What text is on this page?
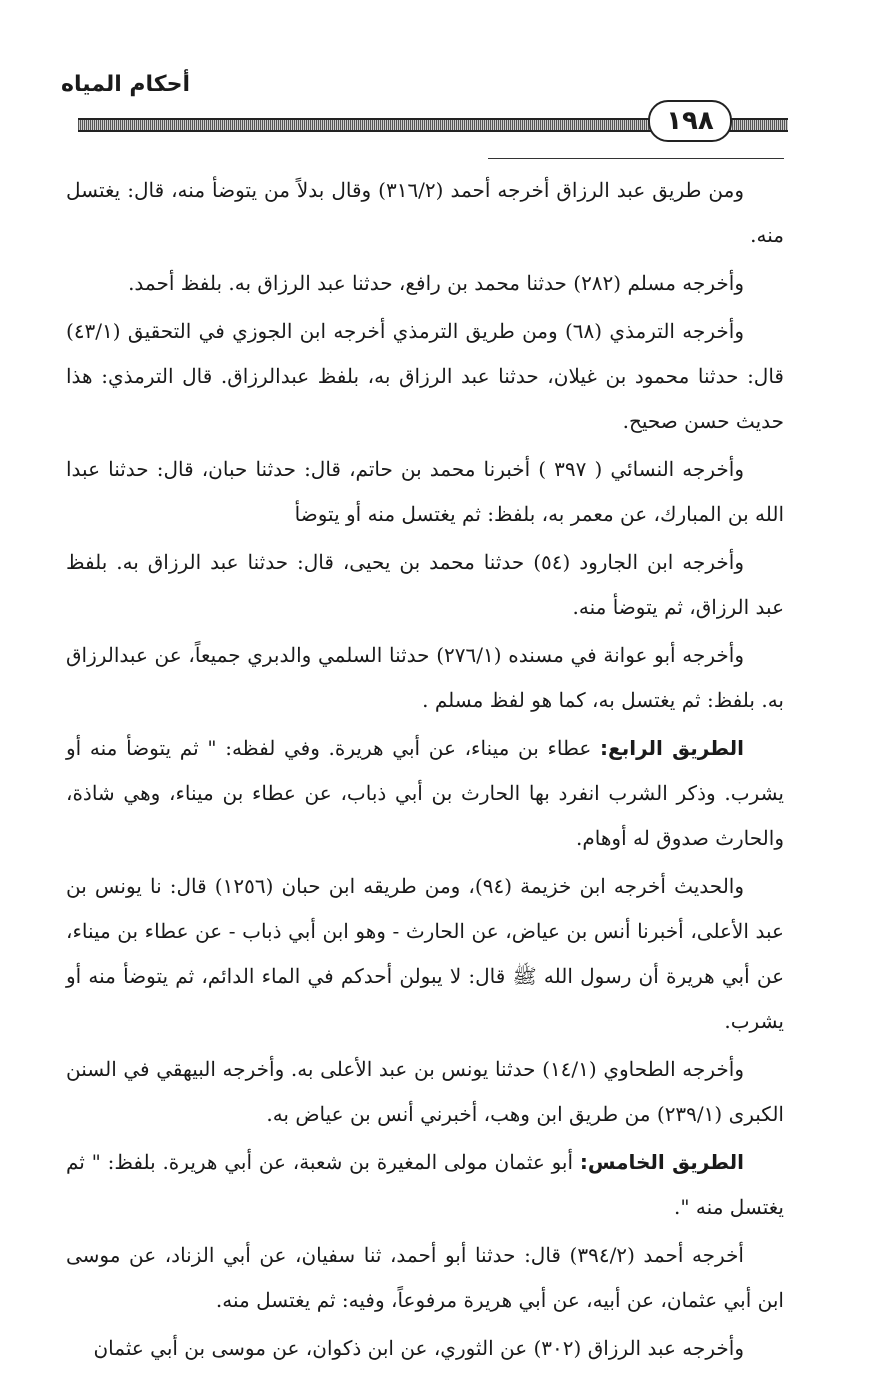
أحكام المياه
١٩٨

ومن طريق عبد الرزاق أخرجه أحمد (٣١٦/٢) وقال بدلاً من يتوضأ منه، قال: يغتسل منه.

وأخرجه مسلم (٢٨٢) حدثنا محمد بن رافع، حدثنا عبد الرزاق به. بلفظ أحمد.

وأخرجه الترمذي (٦٨) ومن طريق الترمذي أخرجه ابن الجوزي في التحقيق (٤٣/١) قال: حدثنا محمود بن غيلان، حدثنا عبد الرزاق به، بلفظ عبدالرزاق. قال الترمذي: هذا حديث حسن صحيح.

وأخرجه النسائي ( ٣٩٧ ) أخبرنا محمد بن حاتم، قال: حدثنا حبان، قال: حدثنا عبدا الله بن المبارك، عن معمر به، بلفظ: ثم يغتسل منه أو يتوضأ

وأخرجه ابن الجارود (٥٤) حدثنا محمد بن يحيى، قال: حدثنا عبد الرزاق به. بلفظ عبد الرزاق، ثم يتوضأ منه.

وأخرجه أبو عوانة في مسنده (٢٧٦/١) حدثنا السلمي والدبري جميعاً، عن عبدالرزاق به. بلفظ: ثم يغتسل به، كما هو لفظ مسلم .

الطريق الرابع: عطاء بن ميناء، عن أبي هريرة. وفي لفظه: " ثم يتوضأ منه أو يشرب. وذكر الشرب انفرد بها الحارث بن أبي ذباب، عن عطاء بن ميناء، وهي شاذة، والحارث صدوق له أوهام.

والحديث أخرجه ابن خزيمة (٩٤)، ومن طريقه ابن حبان (١٢٥٦) قال: نا يونس بن عبد الأعلى، أخبرنا أنس بن عياض، عن الحارث - وهو ابن أبي ذباب - عن عطاء بن ميناء، عن أبي هريرة أن رسول الله ﷺ قال: لا يبولن أحدكم في الماء الدائم، ثم يتوضأ منه أو يشرب.

وأخرجه الطحاوي (١٤/١) حدثنا يونس بن عبد الأعلى به. وأخرجه البيهقي في السنن الكبرى (٢٣٩/١) من طريق ابن وهب، أخبرني أنس بن عياض به.

الطريق الخامس: أبو عثمان مولى المغيرة بن شعبة، عن أبي هريرة. بلفظ: " ثم يغتسل منه ".

أخرجه أحمد (٣٩٤/٢) قال: حدثنا أبو أحمد، ثنا سفيان، عن أبي الزناد، عن موسى ابن أبي عثمان، عن أبيه، عن أبي هريرة مرفوعاً، وفيه: ثم يغتسل منه.

وأخرجه عبد الرزاق (٣٠٢) عن الثوري، عن ابن ذكوان، عن موسى بن أبي عثمان
